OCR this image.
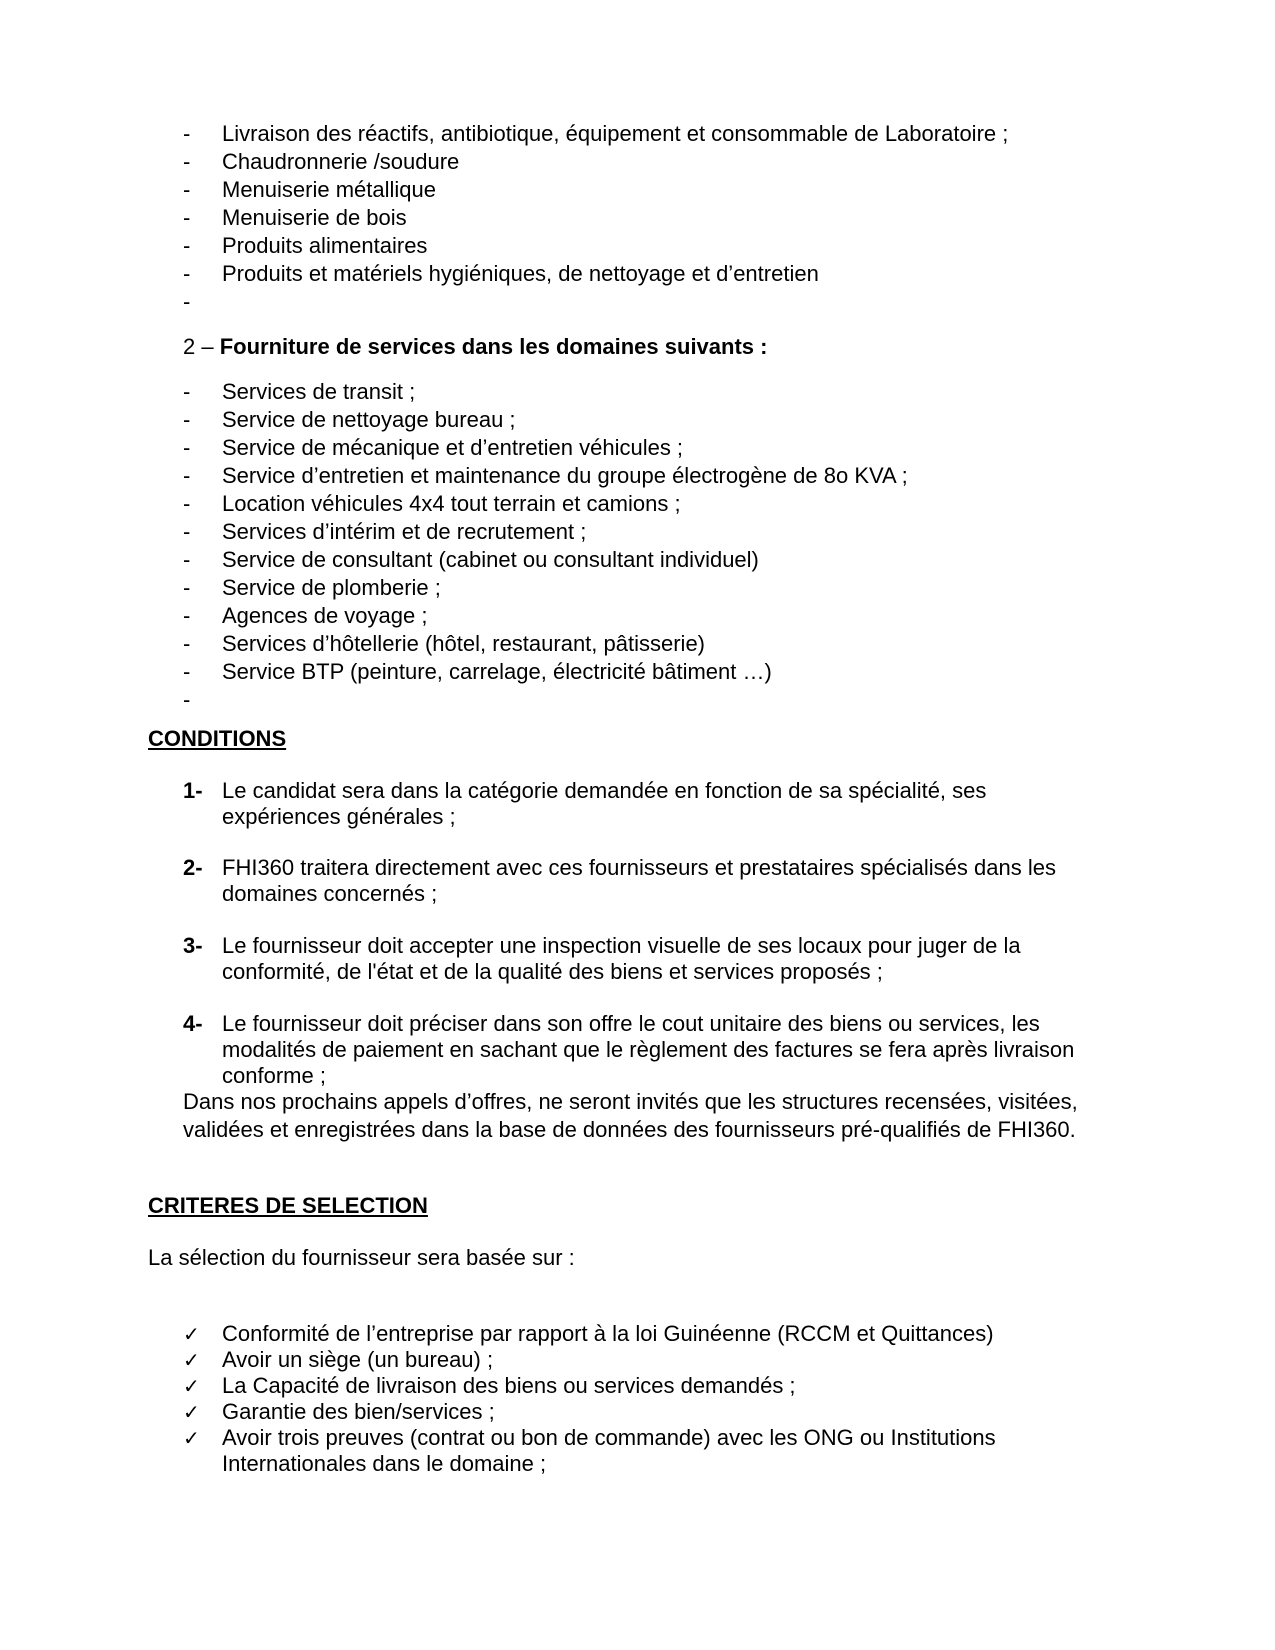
- Livraison des réactifs, antibiotique, équipement et consommable de Laboratoire ;
- Chaudronnerie /soudure
- Menuiserie métallique
- Menuiserie de bois
- Produits alimentaires
- Produits et matériels hygiéniques, de nettoyage et d’entretien
-
2 – Fourniture de services dans les domaines suivants :
- Services de transit ;
- Service de nettoyage bureau ;
- Service de mécanique et d’entretien véhicules ;
- Service d’entretien et maintenance du groupe électrogène de 8o KVA ;
- Location véhicules 4x4 tout terrain et camions ;
- Services d’intérim et de recrutement ;
- Service de consultant (cabinet ou consultant individuel)
- Service de plomberie ;
- Agences de voyage ;
- Services d’hôtellerie (hôtel, restaurant, pâtisserie)
- Service BTP (peinture, carrelage, électricité bâtiment …)
-
CONDITIONS
1- Le candidat sera dans la catégorie demandée en fonction de sa spécialité, ses
expériences générales ;
2- FHI360 traitera directement avec ces fournisseurs et prestataires spécialisés dans les
domaines concernés ;
3- Le fournisseur doit accepter une inspection visuelle de ses locaux pour juger de la
conformité, de l'état et de la qualité des biens et services proposés ;
4- Le fournisseur doit préciser dans son offre le cout unitaire des biens ou services, les
modalités de paiement en sachant que le règlement des factures se fera après livraison
conforme ;
Dans nos prochains appels d’offres, ne seront invités que les structures recensées, visitées,
validées et enregistrées dans la base de données des fournisseurs pré-qualifiés de FHI360.
CRITERES DE SELECTION
La sélection du fournisseur sera basée sur :
✓ Conformité de l’entreprise par rapport à la loi Guinéenne (RCCM et Quittances)
✓ Avoir un siège (un bureau) ;
✓ La Capacité de livraison des biens ou services demandés ;
✓ Garantie des bien/services ;
✓ Avoir trois preuves (contrat ou bon de commande) avec les ONG ou Institutions
Internationales dans le domaine ;
